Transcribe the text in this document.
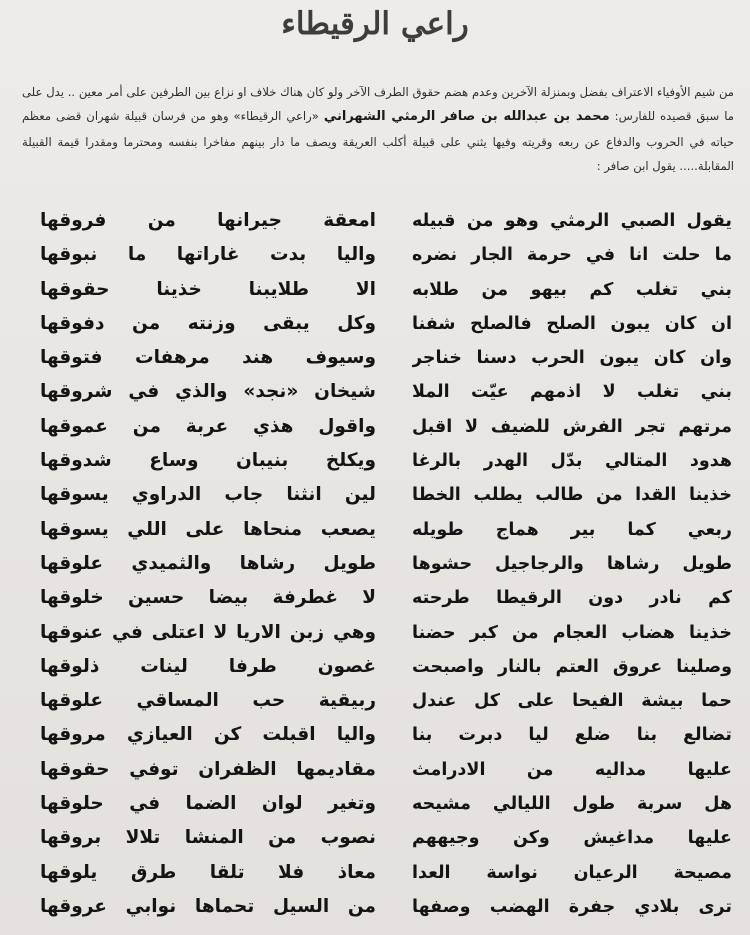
راعي الرقيطاء

من شيم الأوفياء الاعتراف بفضل وبمنزلة الآخرين وعدم هضم حقوق الطرف الآخر ولو كان هناك خلاف او نزاع بين الطرفين على أمر معين .. يدل على ما سبق قصيده للفارس: محمد بن عبدالله بن صافر الرمثي الشهراني «راعي الرقيطاء» وهو من فرسان قبيلة شهران قضى معظم حياته في الحروب والدفاع عن ربعه وقريته وفيها يثني على قبيلة أكلب العريقة ويصف ما دار بينهم مفاخرا بنفسه ومحترما ومقدرا قيمة القبيلة المقابلة..... يقول ابن صافر :

يقول الصبي الرمثي وهو من قبيله
ما حلت انا في حرمة الجار نضره
بني تغلب كم بيهو من طلابه
ان كان يبون الصلح فالصلح شفنا
وان كان يبون الحرب دسنا خناجر
بني تغلب لا اذمهم عيّت الملا
مرتهم تجر الفرش للضيف لا اقبل
هدود المتالي بدّل الهدر بالرغا
خذينا القدا من طالب يطلب الخطا
ربعي كما بير هماج طويله
طويل رشاها والرجاجيل حشوها
كم نادر دون الرقيطا طرحته
خذينا هضاب العجام من كبر حضنا
وصلينا عروق العتم بالنار واصبحت
حما بيشة الفيحا على كل عندل
تضالع بنا ضلع ليا دبرت بنا
عليها مداليه من الادرامث
هل سربة طول الليالي مشيحه
عليها مداغيش وكن وجيههم
مصيحة الرعيان نواسة العدا
ترى بلادي جفرة الهضب وصفها
امعقة جيرانها من فروقها
واليا بدت غاراتها ما نبوقها
الا طلايبنا خذينا حقوقها
وكل يبقى وزنته من دفوقها
وسيوف هند مرهفات فتوقها
شيخان «نجد» والذي في شروقها
واقول هذي عربة من عموقها
ويكلخ بنيبان وساع شدوقها
لين انثنا جاب الدراوي يسوقها
يصعب منحاها على اللي يسوقها
طويل رشاها والثميدي علوقها
لا غطرفة بيضا حسين خلوقها
وهي زبن الاريا لا اعتلى في عنوقها
غصون طرفا لينات ذلوقها
ربيقية حب المساقي علوقها
واليا اقبلت كن العيازي مروقها
مقاديمها الظفران توفي حقوقها
وتغير لوان الضما في حلوقها
نصوب من المنشا تلالا بروقها
معاذ فلا تلقا طرق يلوقها
من السيل تحماها نوابي عروقها
